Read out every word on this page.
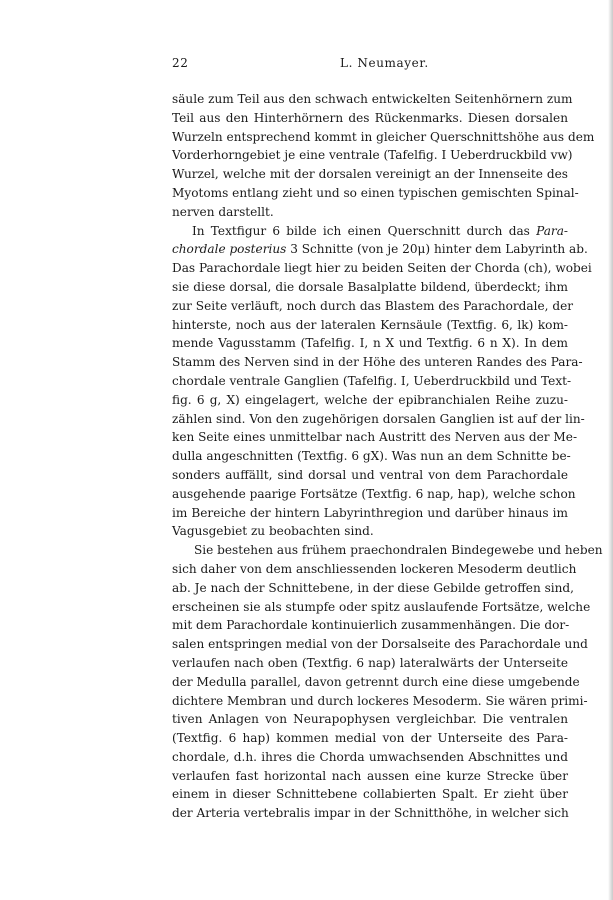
22	L. Neumayer.
säule zum Teil aus den schwach entwickelten Seitenhörnern zum
Teil aus den Hinterhörnern des Rückenmarks. Diesen dorsalen
Wurzeln entsprechend kommt in gleicher Querschnittshöhe aus dem
Vorderhorngebiet je eine ventrale (Tafelfig. I Ueberdruckbild vw)
Wurzel, welche mit der dorsalen vereinigt an der Innenseite des
Myotoms entlang zieht und so einen typischen gemischten Spinal-
nerven darstellt.
In Textfigur 6 bilde ich einen Querschnitt durch das Para-
chordale posterius 3 Schnitte (von je 20μ) hinter dem Labyrinth ab.
Das Parachordale liegt hier zu beiden Seiten der Chorda (ch), wobei
sie diese dorsal, die dorsale Basalplatte bildend, überdeckt; ihm
zur Seite verläuft, noch durch das Blastem des Parachordale, der
hinterste, noch aus der lateralen Kernsäule (Textfig. 6, lk) kom-
mende Vagusstamm (Tafelfig. I, n X und Textfig. 6 n X). In dem
Stamm des Nerven sind in der Höhe des unteren Randes des Para-
chordale ventrale Ganglien (Tafelfig. I, Ueberdruckbild und Text-
fig. 6 g, X) eingelagert, welche der epibranchialen Reihe zuzu-
zählen sind. Von den zugehörigen dorsalen Ganglien ist auf der lin-
ken Seite eines unmittelbar nach Austritt des Nerven aus der Me-
dulla angeschnitten (Textfig. 6 gX). Was nun an dem Schnitte be-
sonders auffällt, sind dorsal und ventral von dem Parachordale
ausgehende paarige Fortsätze (Textfig. 6 nap, hap), welche schon
im Bereiche der hintern Labyrinthregion und darüber hinaus im
Vagusgebiet zu beobachten sind.
Sie bestehen aus frühem praechondralen Bindegewebe und heben
sich daher von dem anschliessenden lockeren Mesoderm deutlich
ab. Je nach der Schnittebene, in der diese Gebilde getroffen sind,
erscheinen sie als stumpfe oder spitz auslaufende Fortsätze, welche
mit dem Parachordale kontinuierlich zusammenhängen. Die dor-
salen entspringen medial von der Dorsalseite des Parachordale und
verlaufen nach oben (Textfig. 6 nap) lateralwärts der Unterseite
der Medulla parallel, davon getrennt durch eine diese umgebende
dichtere Membran und durch lockeres Mesoderm. Sie wären primi-
tiven Anlagen von Neurapophysen vergleichbar. Die ventralen
(Textfig. 6 hap) kommen medial von der Unterseite des Para-
chordale, d.h. ihres die Chorda umwachsenden Abschnittes und
verlaufen fast horizontal nach aussen eine kurze Strecke über
einem in dieser Schnittebene collabierten Spalt. Er zieht über
der Arteria vertebralis impar in der Schnitthöhe, in welcher sich
